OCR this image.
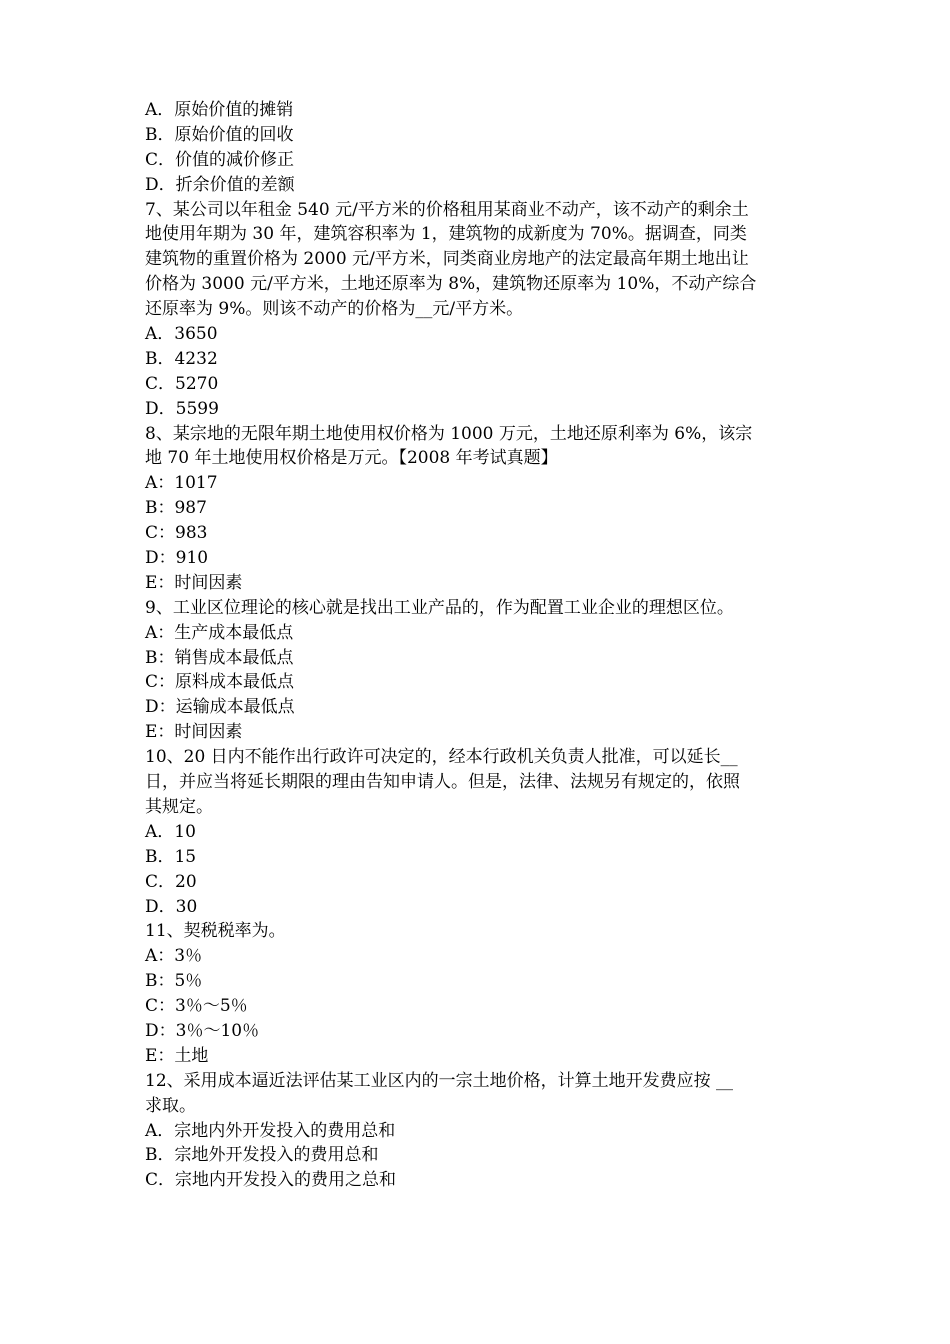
A．原始价值的摊销
B．原始价值的回收
C．价值的减价修正
D．折余价值的差额
7、某公司以年租金 540 元/平方米的价格租用某商业不动产，该不动产的剩余土
地使用年期为 30 年，建筑容积率为 1，建筑物的成新度为 70%。据调查，同类
建筑物的重置价格为 2000 元/平方米，同类商业房地产的法定最高年期土地出让
价格为 3000 元/平方米，土地还原率为 8%，建筑物还原率为 10%，不动产综合
还原率为 9%。则该不动产的价格为__元/平方米。
A．3650
B．4232
C．5270
D．5599
8、某宗地的无限年期土地使用权价格为 1000 万元，土地还原利率为 6%，该宗
地 70 年土地使用权价格是万元。【2008 年考试真题】
A：1017
B：987
C：983
D：910
E：时间因素
9、工业区位理论的核心就是找出工业产品的，作为配置工业企业的理想区位。
A：生产成本最低点
B：销售成本最低点
C：原料成本最低点
D：运输成本最低点
E：时间因素
10、20 日内不能作出行政许可决定的，经本行政机关负责人批准，可以延长__
日，并应当将延长期限的理由告知申请人。但是，法律、法规另有规定的，依照
其规定。
A．10
B．15
C．20
D．30
11、契税税率为。
A：3％
B：5％
C：3％～5％
D：3％～10％
E：土地
12、采用成本逼近法评估某工业区内的一宗土地价格，计算土地开发费应按 __
求取。
A．宗地内外开发投入的费用总和
B．宗地外开发投入的费用总和
C．宗地内开发投入的费用之总和
